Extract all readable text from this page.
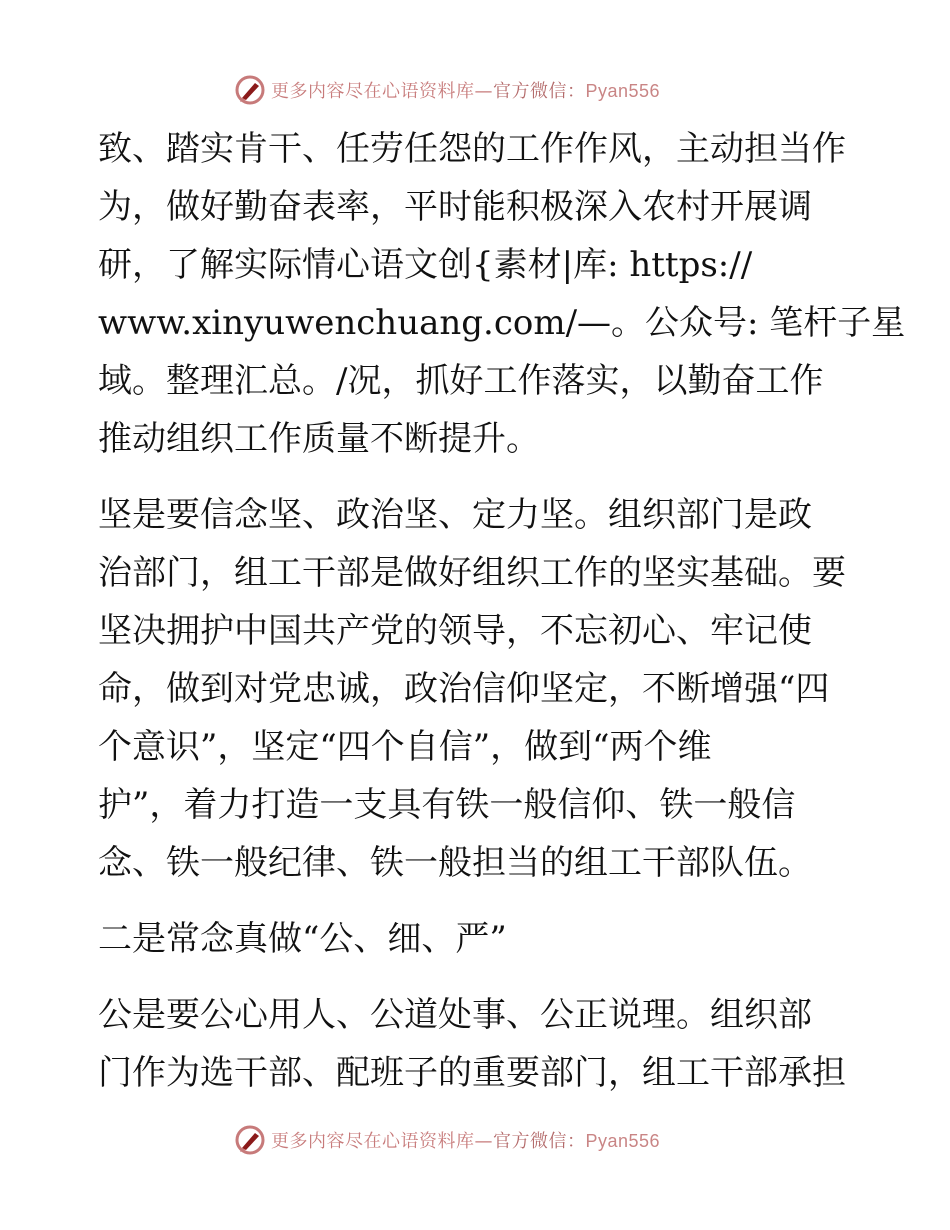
更多内容尽在心语资料库—官方微信：Pyan556

致、踏实肯干、任劳任怨的工作作风，主动担当作
为，做好勤奋表率，平时能积极深入农村开展调
研，了解实际情心语文创{素材|库: https://
www.xinyuwenchuang.com/—。公众号: 笔杆子星
域。整理汇总。/况，抓好工作落实，以勤奋工作
推动组织工作质量不断提升。

坚是要信念坚、政治坚、定力坚。组织部门是政
治部门，组工干部是做好组织工作的坚实基础。要
坚决拥护中国共产党的领导，不忘初心、牢记使
命，做到对党忠诚，政治信仰坚定，不断增强“四
个意识”，坚定“四个自信”，做到“两个维
护”，着力打造一支具有铁一般信仰、铁一般信
念、铁一般纪律、铁一般担当的组工干部队伍。

二是常念真做“公、细、严”

公是要公心用人、公道处事、公正说理。组织部
门作为选干部、配班子的重要部门，组工干部承担

更多内容尽在心语资料库—官方微信：Pyan556
